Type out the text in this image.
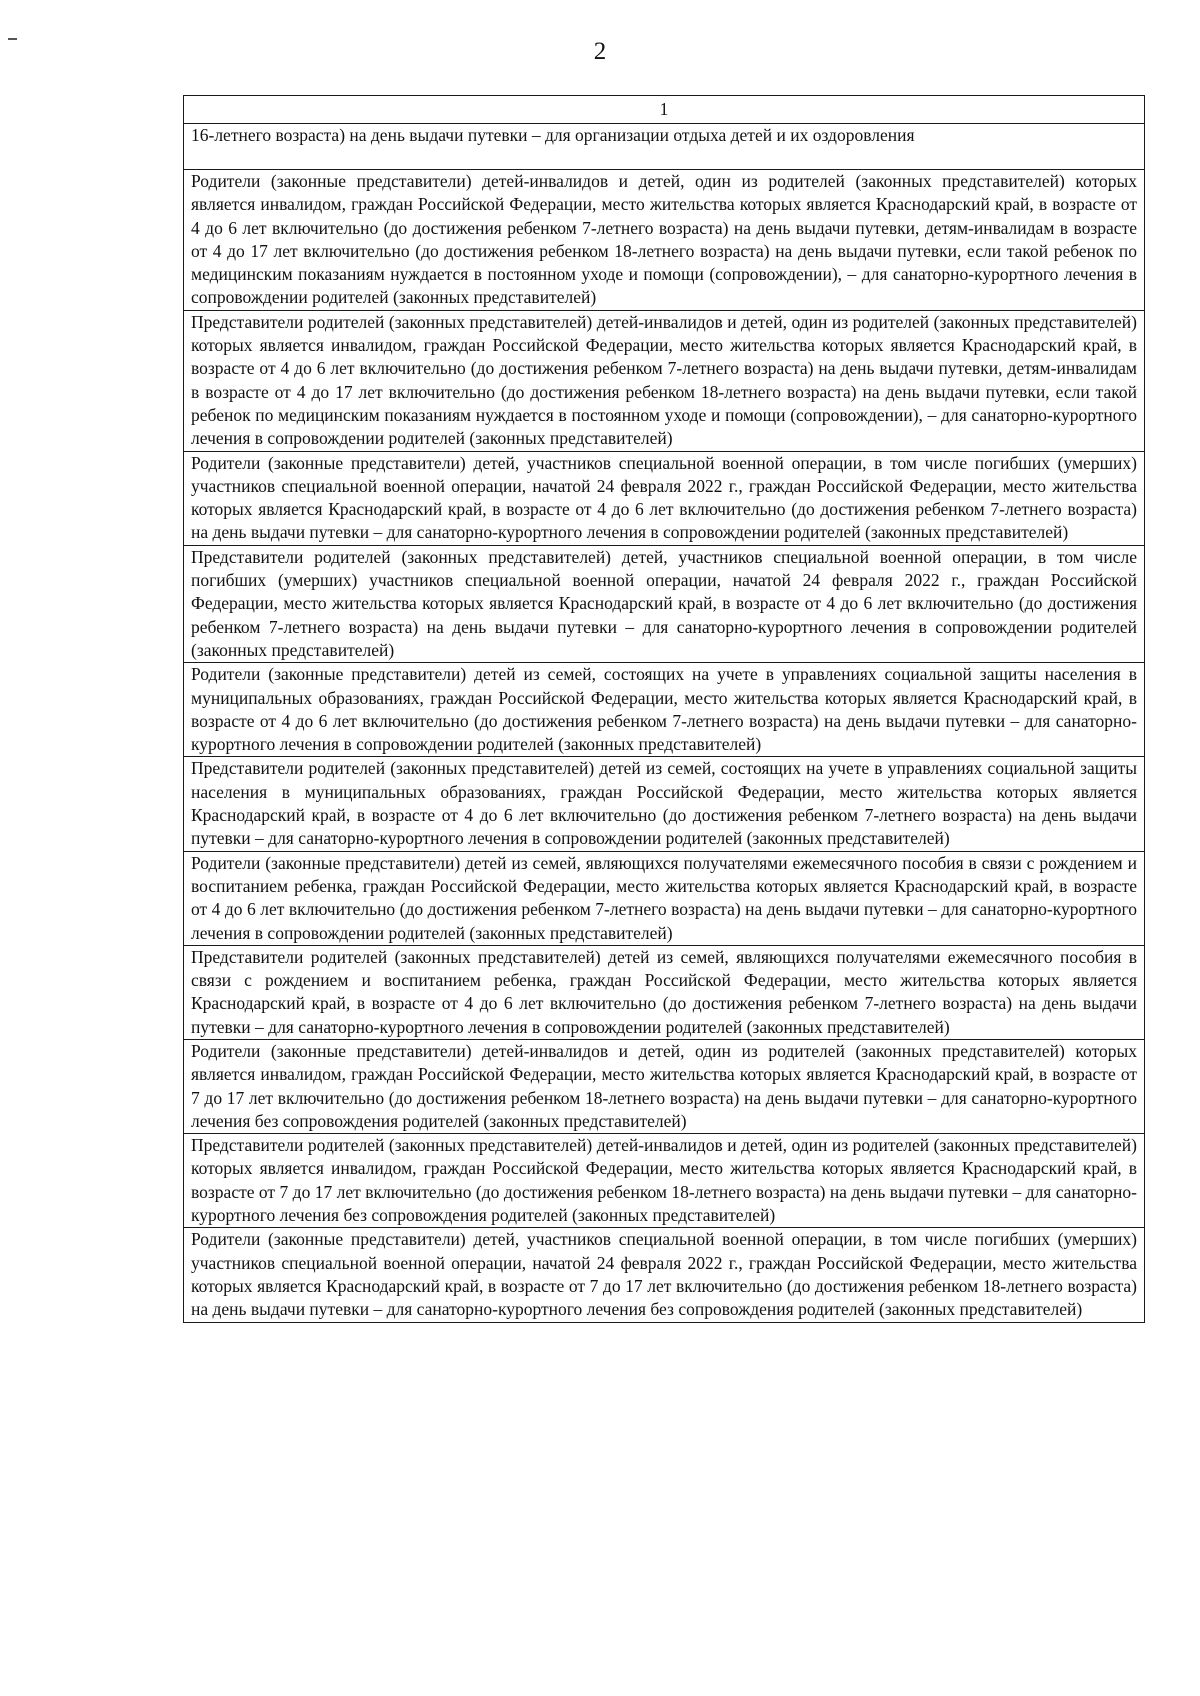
2
1
16-летнего возраста) на день выдачи путевки – для организации отдыха детей и их оздоровления
Родители (законные представители) детей-инвалидов и детей, один из родителей (законных представителей) которых является инвалидом, граждан Российской Федерации, место жительства которых является Краснодарский край, в возрасте от 4 до 6 лет включительно (до достижения ребенком 7-летнего возраста) на день выдачи путевки, детям-инвалидам в возрасте от 4 до 17 лет включительно (до достижения ребенком 18-летнего возраста) на день выдачи путевки, если такой ребенок по медицинским показаниям нуждается в постоянном уходе и помощи (сопровождении), – для санаторно-курортного лечения в сопровождении родителей (законных представителей)
Представители родителей (законных представителей) детей-инвалидов и детей, один из родителей (законных представителей) которых является инвалидом, граждан Российской Федерации, место жительства которых является Краснодарский край, в возрасте от 4 до 6 лет включительно (до достижения ребенком 7-летнего возраста) на день выдачи путевки, детям-инвалидам в возрасте от 4 до 17 лет включительно (до достижения ребенком 18-летнего возраста) на день выдачи путевки, если такой ребенок по медицинским показаниям нуждается в постоянном уходе и помощи (сопровождении), – для санаторно-курортного лечения в сопровождении родителей (законных представителей)
Родители (законные представители) детей, участников специальной военной операции, в том числе погибших (умерших) участников специальной военной операции, начатой 24 февраля 2022 г., граждан Российской Федерации, место жительства которых является Краснодарский край, в возрасте от 4 до 6 лет включительно (до достижения ребенком 7-летнего возраста) на день выдачи путевки – для санаторно-курортного лечения в сопровождении родителей (законных представителей)
Представители родителей (законных представителей) детей, участников специальной военной операции, в том числе погибших (умерших) участников специальной военной операции, начатой 24 февраля 2022 г., граждан Российской Федерации, место жительства которых является Краснодарский край, в возрасте от 4 до 6 лет включительно (до достижения ребенком 7-летнего возраста) на день выдачи путевки – для санаторно-курортного лечения в сопровождении родителей (законных представителей)
Родители (законные представители) детей из семей, состоящих на учете в управлениях социальной защиты населения в муниципальных образованиях, граждан Российской Федерации, место жительства которых является Краснодарский край, в возрасте от 4 до 6 лет включительно (до достижения ребенком 7-летнего возраста) на день выдачи путевки – для санаторно-курортного лечения в сопровождении родителей (законных представителей)
Представители родителей (законных представителей) детей из семей, состоящих на учете в управлениях социальной защиты населения в муниципальных образованиях, граждан Российской Федерации, место жительства которых является Краснодарский край, в возрасте от 4 до 6 лет включительно (до достижения ребенком 7-летнего возраста) на день выдачи путевки – для санаторно-курортного лечения в сопровождении родителей (законных представителей)
Родители (законные представители) детей из семей, являющихся получателями ежемесячного пособия в связи с рождением и воспитанием ребенка, граждан Российской Федерации, место жительства которых является Краснодарский край, в возрасте от 4 до 6 лет включительно (до достижения ребенком 7-летнего возраста) на день выдачи путевки – для санаторно-курортного лечения в сопровождении родителей (законных представителей)
Представители родителей (законных представителей) детей из семей, являющихся получателями ежемесячного пособия в связи с рождением и воспитанием ребенка, граждан Российской Федерации, место жительства которых является Краснодарский край, в возрасте от 4 до 6 лет включительно (до достижения ребенком 7-летнего возраста) на день выдачи путевки – для санаторно-курортного лечения в сопровождении родителей (законных представителей)
Родители (законные представители) детей-инвалидов и детей, один из родителей (законных представителей) которых является инвалидом, граждан Российской Федерации, место жительства которых является Краснодарский край, в возрасте от 7 до 17 лет включительно (до достижения ребенком 18-летнего возраста) на день выдачи путевки – для санаторно-курортного лечения без сопровождения родителей (законных представителей)
Представители родителей (законных представителей) детей-инвалидов и детей, один из родителей (законных представителей) которых является инвалидом, граждан Российской Федерации, место жительства которых является Краснодарский край, в возрасте от 7 до 17 лет включительно (до достижения ребенком 18-летнего возраста) на день выдачи путевки – для санаторно-курортного лечения без сопровождения родителей (законных представителей)
Родители (законные представители) детей, участников специальной военной операции, в том числе погибших (умерших) участников специальной военной операции, начатой 24 февраля 2022 г., граждан Российской Федерации, место жительства которых является Краснодарский край, в возрасте от 7 до 17 лет включительно (до достижения ребенком 18-летнего возраста) на день выдачи путевки – для санаторно-курортного лечения без сопровождения родителей (законных представителей)
